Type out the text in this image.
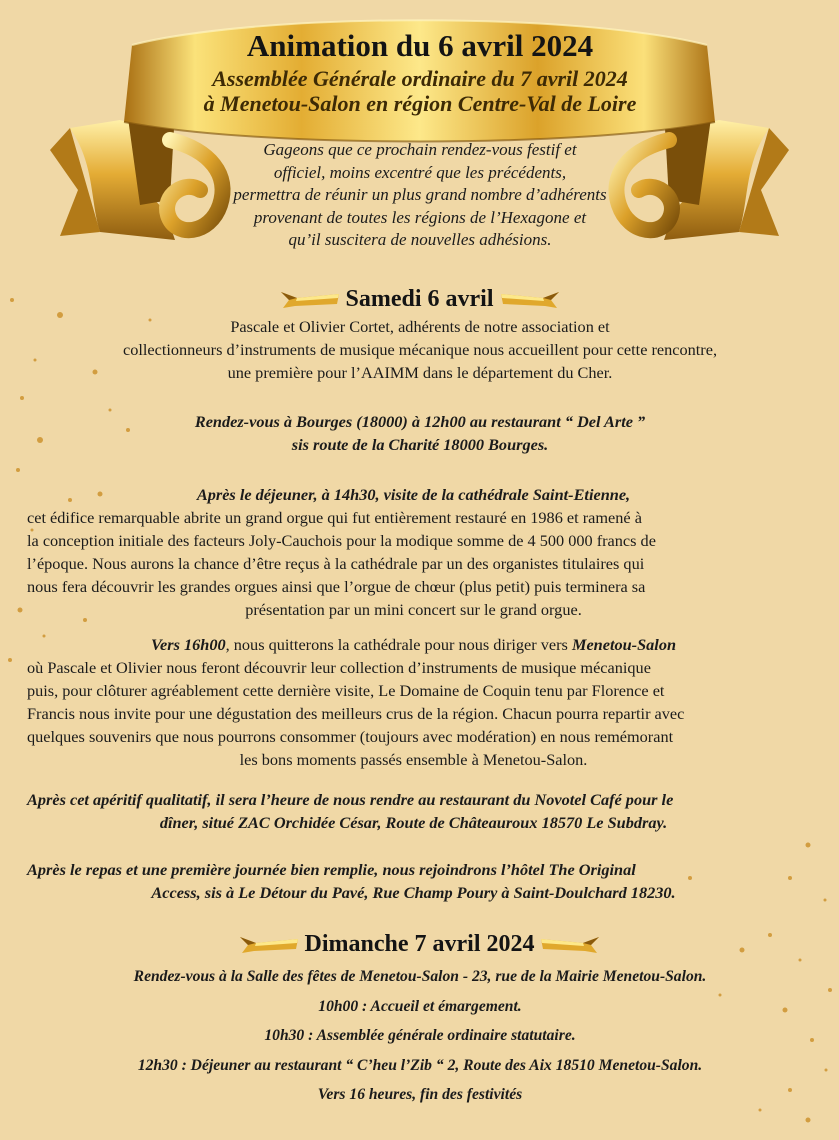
Animation du 6 avril 2024
Assemblée Générale ordinaire du 7 avril 2024
à Menetou-Salon en région Centre-Val de Loire
Gageons que ce prochain rendez-vous festif et
officiel, moins excentré que les précédents,
permettra de réunir un plus grand nombre d’adhérents
provenant de toutes les régions de l’Hexagone et
qu’il suscitera de nouvelles adhésions.
Samedi 6 avril
Pascale et Olivier Cortet, adhérents de notre association et
collectionneurs d’instruments de musique mécanique nous accueillent pour cette rencontre,
une première pour l’AAIMM dans le département du Cher.
Rendez-vous à Bourges (18000) à 12h00 au restaurant “ Del Arte ”
sis route de la Charité 18000 Bourges.
Après le déjeuner, à 14h30, visite de la cathédrale Saint-Etienne,
cet édifice remarquable abrite un grand orgue qui fut entièrement restauré en 1986 et ramené à
la conception initiale des facteurs Joly-Cauchois pour la modique somme de 4 500 000 francs de
l’époque. Nous aurons la chance d’être reçus à la cathédrale par un des organistes titulaires qui
nous fera découvrir les grandes orgues ainsi que l’orgue de chœur (plus petit) puis terminera sa
présentation par un mini concert sur le grand orgue.
Vers 16h00, nous quitterons la cathédrale pour nous diriger vers Menetou-Salon
où Pascale et Olivier nous feront découvrir leur collection d’instruments de musique mécanique
puis, pour clôturer agréablement cette dernière visite, Le Domaine de Coquin tenu par Florence et
Francis nous invite pour une dégustation des meilleurs crus de la région. Chacun pourra repartir avec
quelques souvenirs que nous pourrons consommer (toujours avec modération) en nous remémorant
les bons moments passés ensemble à Menetou-Salon.
Après cet apéritif qualitatif, il sera l’heure de nous rendre au restaurant du Novotel Café pour le
dîner, situé ZAC Orchidée César, Route de Châteauroux 18570 Le Subdray.
Après le repas et une première journée bien remplie, nous rejoindrons l’hôtel The Original
Access, sis à Le Détour du Pavé, Rue Champ Poury à Saint-Doulchard 18230.
Dimanche 7 avril 2024
Rendez-vous à la Salle des fêtes de Menetou-Salon - 23, rue de la Mairie Menetou-Salon.
10h00 : Accueil et émargement.
10h30 : Assemblée générale ordinaire statutaire.
12h30 : Déjeuner au restaurant “ C’heu l’Zib “ 2, Route des Aix 18510 Menetou-Salon.
Vers 16 heures, fin des festivités
